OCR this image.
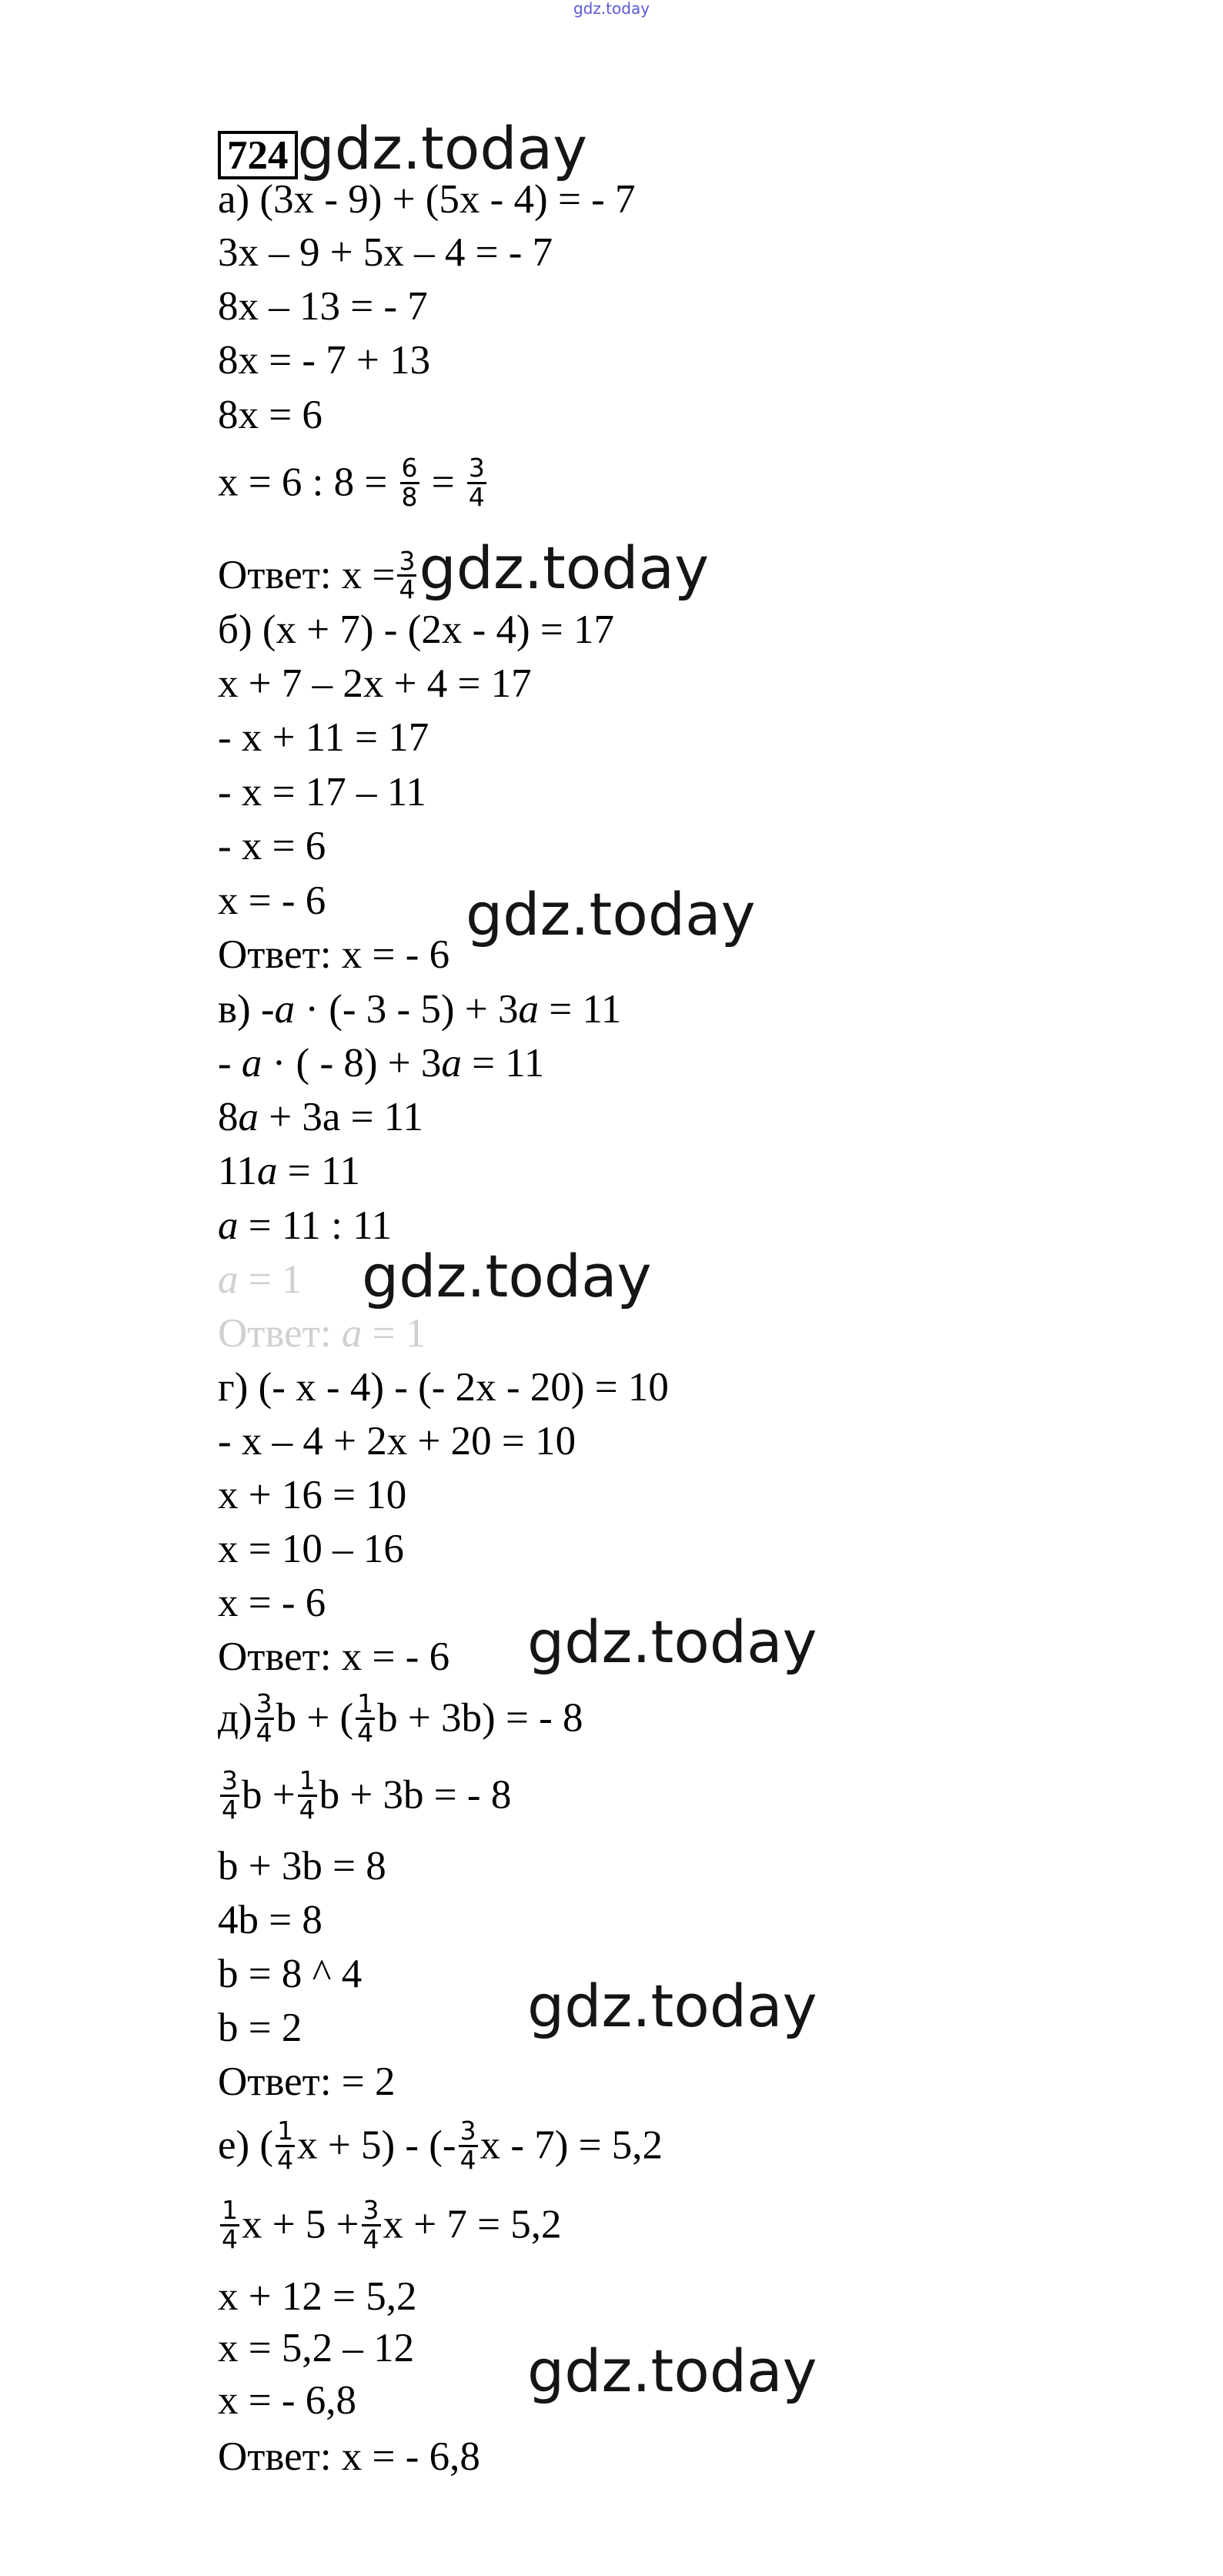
gdz.today
724 gdz.today
а) (3x - 9) + (5x - 4) = - 7
3x – 9 + 5x – 4 = - 7
8x – 13 = - 7
8x = - 7 + 13
8x = 6
x = 6 : $8 = \frac{6}{8} = \frac{3}{4}$
Ответ: $x = \frac{3}{4}$ gdz.today
б) (x + 7) - (2x - 4) = 17
x + 7 – 2x + 4 = 17
- x + 11 = 17
- x = 17 – 11
- x = 6
x = - 6
Ответ: x = - 6
gdz.today
в) -a · (- 3 - 5) + 3a = 11
- a · ( - 8) + 3a = 11
8a + 3a = 11
11a = 11
a = 11 : 11
a = 1
Ответ: a = 1
gdz.today
г) (- x - 4) - (- 2x - 20) = 10
- x – 4 + 2x + 20 = 10
x + 16 = 10
x = 10 – 16
x = - 6
Ответ: x = - 6 gdz.today
$д) \frac{3}{4}$ b + ( $\frac{1}{4}$ b + 3b) = - 8
$\frac{3}{4}$ $b + \frac{1}{4}$ b + 3b = - 8
b + 3b = 8
4b = 8
b = 8 ^ 4
b = 2
Ответ: = 2
gdz.today
е) ( $\frac{1}{4}$ x + 5) - (- $\frac{3}{4}$ x - 7) = 5,2
$\frac{1}{4}$ $x + 5 + \frac{3}{4}$ x + 7 = 5,2
x + 12 = 5,2
x = 5,2 – 12
x = - 6,8
Ответ: x = - 6,8
gdz.today
